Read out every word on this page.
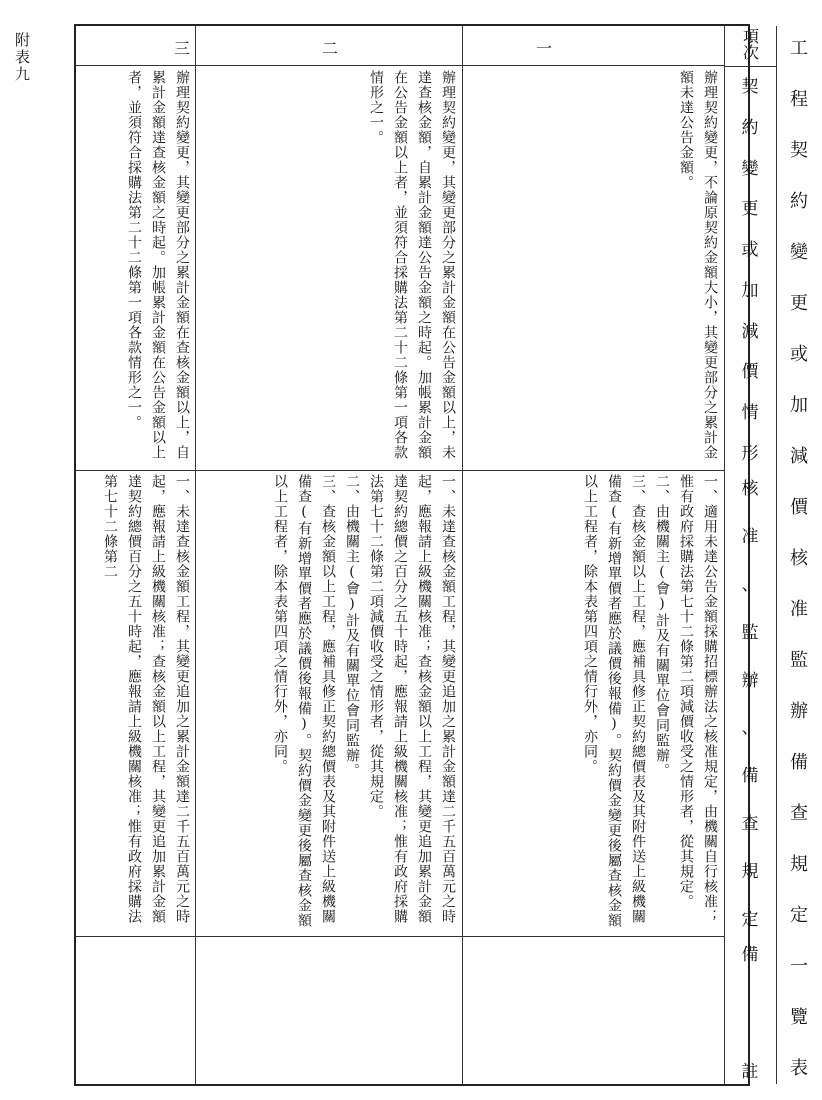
附表九	工
程
契
約
變
更
或
加
減
價
核
准
監
辦
備
查
規
定
一
覽
表
項次
契
約
變
更
或
加
減
價
情
形
核
准
、
監
辦
、
備
查
規
定
備
註
一
二
三
辦理契約變更，不論原契約金額大小，其變更部分之累計金額未達公告金額。
辦理契約變更，其變更部分之累計金額在公告金額以上，未達查核金額，自累計金額達公告金額之時起。加帳累計金額在公告金額以上者，並須符合採購法第二十二條第一項各款情形之一。
辦理契約變更，其變更部分之累計金額在查核金額以上，自累計金額達查核金額之時起。加帳累計金額在公告金額以上者，並須符合採購法第二十二條第一項各款情形之一。

一、適用未達公告金額採購招標辦法之核准規定，由機關自行核准；惟有政府採購法第七十二條第二項減價收受之情形者，從其規定。

二、由機關主(會)計及有關單位會同監辦。

三、查核金額以上工程，應補具修正契約總價表及其附件送上級機關備查(有新增單價者應於議價後報備)。契約價金變更後屬查核金額以上工程者，除本表第四項之情行外，亦同。

一、未達查核金額工程，其變更追加之累計金額達二千五百萬元之時起，應報請上級機關核准；查核金額以上工程，其變更追加累計金額達契約總價之百分之五十時起，應報請上級機關核准；惟有政府採購法第七十二條第二項減價收受之情形者，從其規定。

二、由機關主(會)計及有關單位會同監辦。

三、查核金額以上工程，應補具修正契約總價表及其附件送上級機關備查(有新增單價者應於議價後報備)。契約價金變更後屬查核金額以上工程者，除本表第四項之情行外，亦同。

一、未達查核金額工程，其變更追加之累計金額達二千五百萬元之時起，應報請上級機關核准；查核金額以上工程，其變更追加累計金額達契約總價百分之五十時起，應報請上級機關核准；惟有政府採購法第七十二條第二
